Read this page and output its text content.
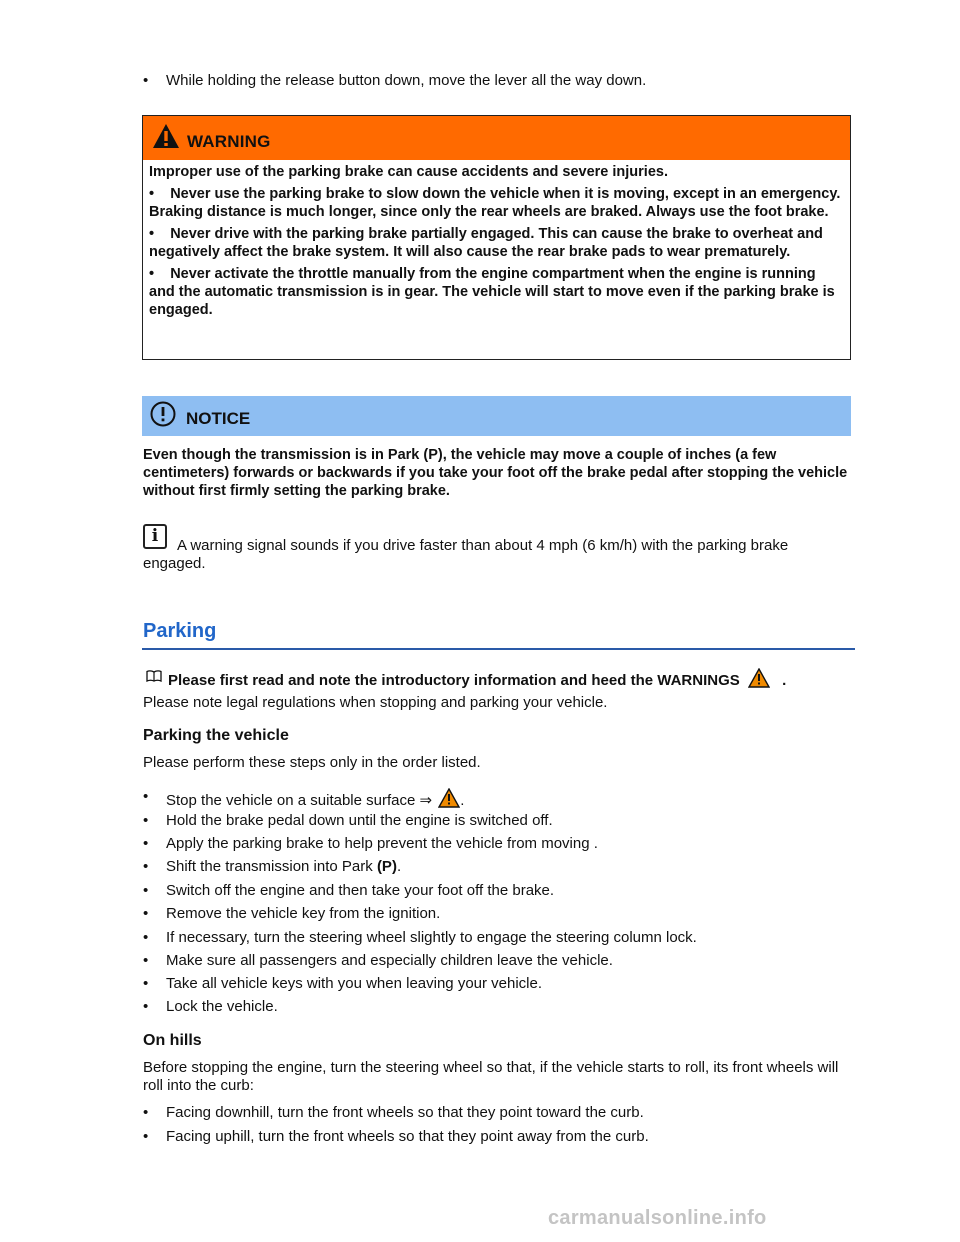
• While holding the release button down, move the lever all the way down.
WARNING

Improper use of the parking brake can cause accidents and severe injuries.

•    Never use the parking brake to slow down the vehicle when it is moving, except in an emergency. Braking distance is much longer, since only the rear wheels are braked. Always use the foot brake.

•    Never drive with the parking brake partially engaged. This can cause the brake to overheat and negatively affect the brake system. It will also cause the rear brake pads to wear prematurely.

•    Never activate the throttle manually from the engine compartment when the engine is running and the automatic transmission is in gear. The vehicle will start to move even if the parking brake is engaged.

NOTICE
Even though the transmission is in Park (P), the vehicle may move a couple of inches (a few centimeters) forwards or backwards if you take your foot off the brake pedal after stopping the vehicle without first firmly setting the parking brake.
i	A warning signal sounds if you drive faster than about 4 mph (6 km/h) with the parking brake engaged.
Parking
Please first read and note the introductory information and heed the WARNINGS	.
Please note legal regulations when stopping and parking your vehicle.
Parking the vehicle
Please perform these steps only in the order listed.
• Stop the vehicle on a suitable surface ⇒ .
• Hold the brake pedal down until the engine is switched off.
• Apply the parking brake to help prevent the vehicle from moving .
• Shift the transmission into Park (P).
• Switch off the engine and then take your foot off the brake.
• Remove the vehicle key from the ignition.
• If necessary, turn the steering wheel slightly to engage the steering column lock.
• Make sure all passengers and especially children leave the vehicle.
• Take all vehicle keys with you when leaving your vehicle.
• Lock the vehicle.
On hills
Before stopping the engine, turn the steering wheel so that, if the vehicle starts to roll, its front wheels will roll into the curb:
• Facing downhill, turn the front wheels so that they point toward the curb.
• Facing uphill, turn the front wheels so that they point away from the curb.
carmanualsonline.info
